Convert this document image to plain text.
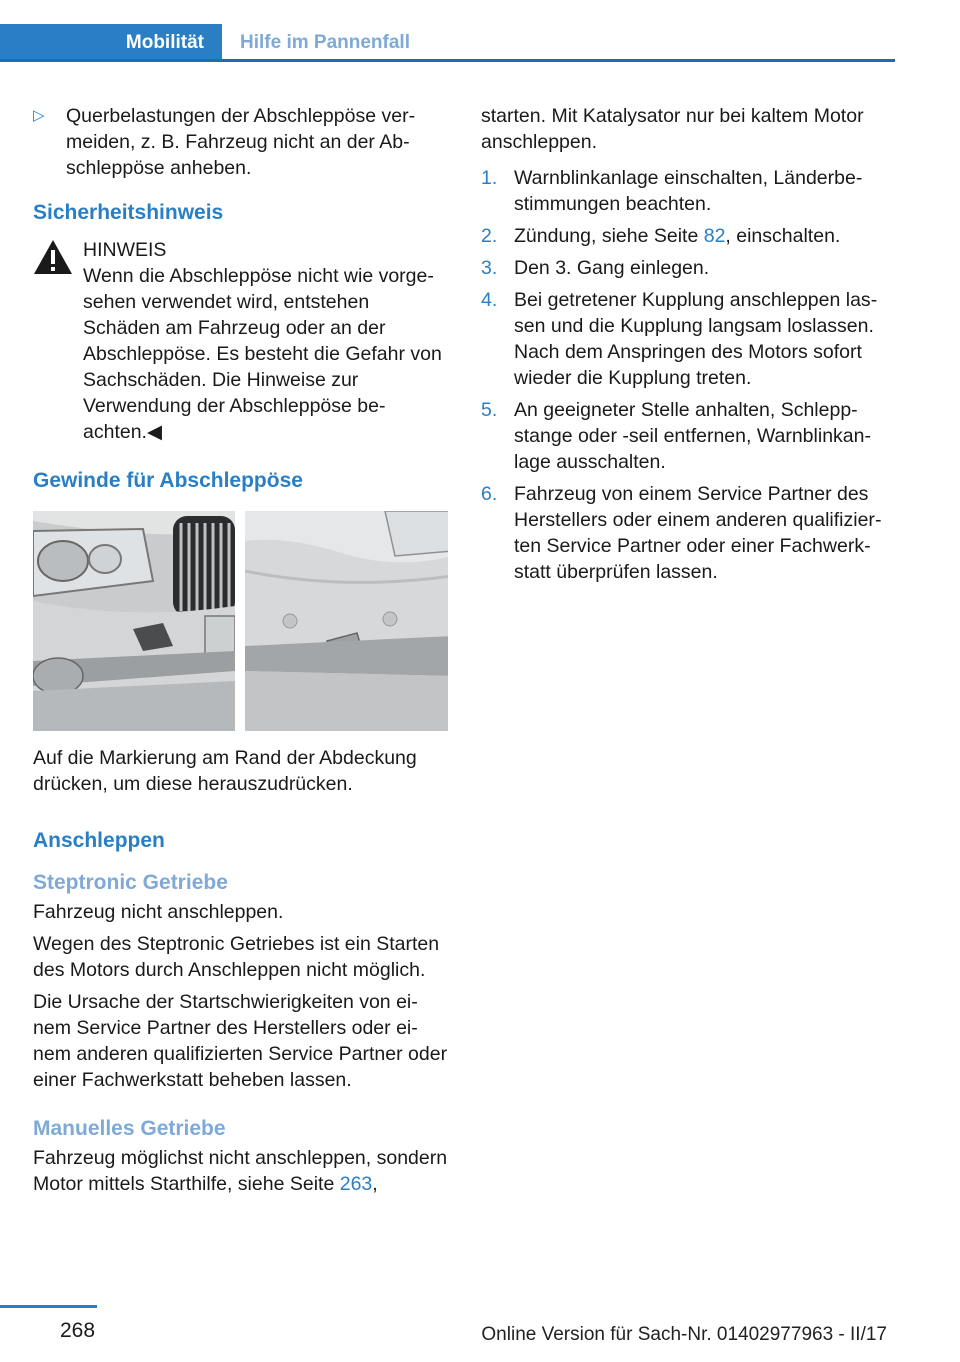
Mobilität	Hilfe im Pannenfall
▷ Querbelastungen der Abschleppöse vermeiden, z. B. Fahrzeug nicht an der Abschleppöse anheben.
Sicherheitshinweis
HINWEIS
Wenn die Abschleppöse nicht wie vorgesehen verwendet wird, entstehen Schäden am Fahrzeug oder an der Abschleppöse. Es besteht die Gefahr von Sachschäden. Die Hinweise zur Verwendung der Abschleppöse beachten.◀
Gewinde für Abschleppöse

Auf die Markierung am Rand der Abdeckung drücken, um diese herauszudrücken.

Anschleppen
Steptronic Getriebe

Fahrzeug nicht anschleppen.

Wegen des Steptronic Getriebes ist ein Starten des Motors durch Anschleppen nicht möglich.

Die Ursache der Startschwierigkeiten von einem Service Partner des Herstellers oder einem anderen qualifizierten Service Partner oder einer Fachwerkstatt beheben lassen.

Manuelles Getriebe

Fahrzeug möglichst nicht anschleppen, sondern Motor mittels Starthilfe, siehe Seite 263,

starten. Mit Katalysator nur bei kaltem Motor anschleppen.

1. Warnblinkanlage einschalten, Länderbestimmungen beachten.
2. Zündung, siehe Seite 82, einschalten.
3. Den 3. Gang einlegen.
4. Bei getretener Kupplung anschleppen lassen und die Kupplung langsam loslassen. Nach dem Anspringen des Motors sofort wieder die Kupplung treten.
5. An geeigneter Stelle anhalten, Schleppstange oder -seil entfernen, Warnblinkanlage ausschalten.
6. Fahrzeug von einem Service Partner des Herstellers oder einem anderen qualifizierten Service Partner oder einer Fachwerkstatt überprüfen lassen.
268	Online Version für Sach-Nr. 01402977963 - II/17
